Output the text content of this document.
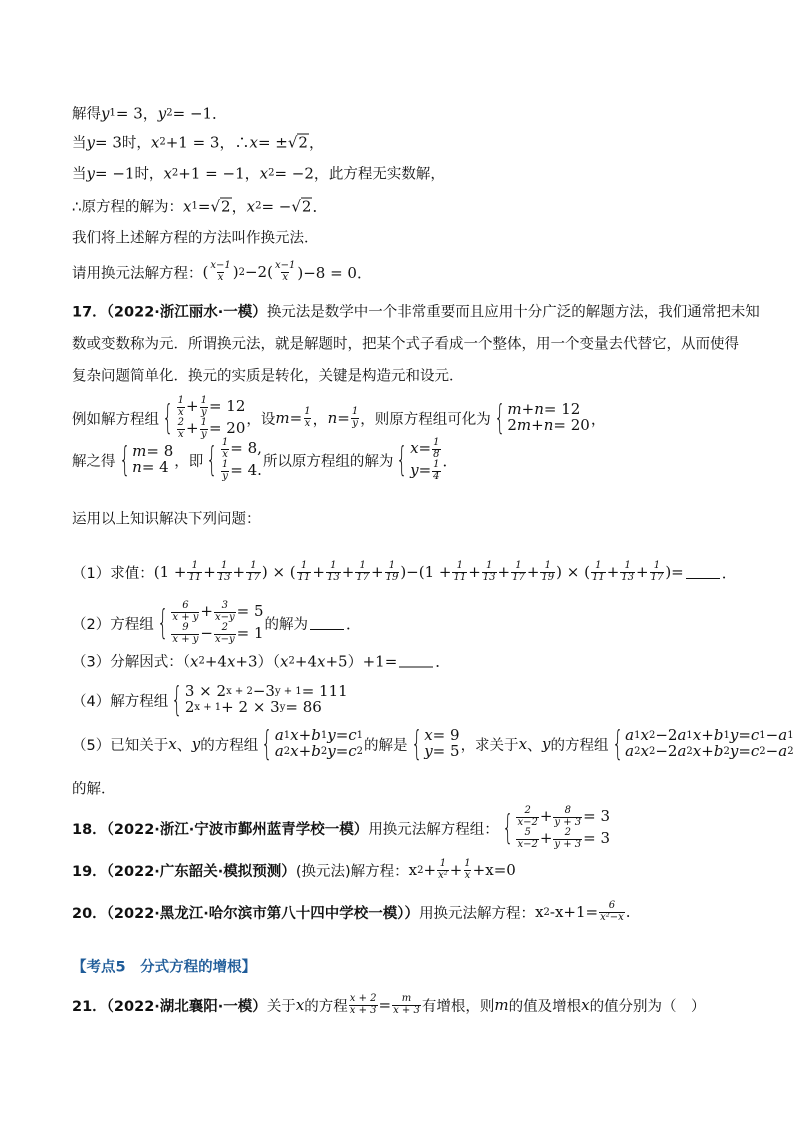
解得 y 1 = 3， y 2 = −1．
当 y = 3 时， x 2 +1 = 3，∴ x = ± √ 2 ，
当 y = −1 时， x 2 +1 = −1， x 2 = −2， 此方程无实数解，
∴ 原方程的解为： x 1 = √ 2 ， x 2 = − √ 2 ．
我们将上述解方程的方法叫作换元法．
请用换元法解方程： ( $\frac{x-1}{x}$ ) $2 -2( \frac{x-1}{x} )-8 = 0$．
17．（2022·浙江丽水·一模） 换元法是数学中一个非常重要而且应用十分广泛的解题方法，我们通常把未知
数或变数称为元．所谓换元法，就是解题时，把某个式子看成一个整体，用一个变量去代替它，从而使得
复杂问题简单化．换元的实质是转化，关键是构造元和设元．
例如解方程组 { $\frac{1}{x} + \frac{1}{y} = 12$
$\frac{2}{x} + \frac{1}{y} = 20$ ，设 $m = \frac{1}{x}$ ， $n = \frac{1}{y}$ ，则原方程组可化为 { m + n = 12
2 m + n = 20 ，
解之得 { m = 8
n = 4 ，即 { $\frac{1}{x} = 8$,
$\frac{1}{y} = 4$. 所以原方程组的解为 { $x = \frac{1}{8}$
$y = \frac{1}{4}$ ．
运用以上知识解决下列问题：
（1）求值： ($1 + \frac{1}{11} + \frac{1}{13} + \frac{1}{17}$ ) × ( $\frac{1}{11} + \frac{1}{13} + \frac{1}{17} + \frac{1}{19} )-(1 + \frac{1}{11} + \frac{1}{13} + \frac{1}{17} + \frac{1}{19}$ ) × ( $\frac{1}{11} + \frac{1}{13} + \frac{1}{17}$ )=	．
（2）方程组 { $\frac{6}{x + y} + \frac{3}{x-y} = 5$
$\frac{9}{x + y} - \frac{2}{x-y} = 1$ 的解为	．
（3）分解因式：（ x 2 +4 x +3）（ x 2 +4 x +5）+1=	．
（4）解方程组 { 3 × 2 x + 2 −3 y + 1 = 111
2 x + 1 + 2 × 3 y = 86
（5）已知关于 x 、 y 的方程组 { a 1 x + b 1 y = c 1
a 2 x + b 2 y = c 2 的解是 { x = 9
y = 5 ，求关于 x 、 y 的方程组 { a 1 x 2 −2 a 1 x + b 1 y = c 1 − a 1
a 2 x 2 −2 a 2 x + b 2 y = c 2 − a 2
的解．
18．（2022·浙江·宁波市鄞州蓝青学校一模） 用换元法解方程组： { $\frac{2}{x-2} + \frac{8}{y + 3} = 3$
$\frac{5}{x-2} + \frac{2}{y + 3} = 3$
19．（2022·广东韶关·模拟预测） (换元法)解方程： x $2 + \frac{1}{\text{x²}} + \frac{1}{x} +x=0$
20．（2022·黑龙江·哈尔滨市第八十四中学校一模）） 用换元法解方程： x 2 $-x+1= \frac{6}{\text{x²−x}}$ .
【考点5　分式方程的增根】
21．（2022·湖北襄阳·一模） 关于 x 的方程 $\frac{x + 2}{x + 3} = \frac{m}{x + 3}$ 有增根，则 m 的值及增根 x 的值分别为（　）
